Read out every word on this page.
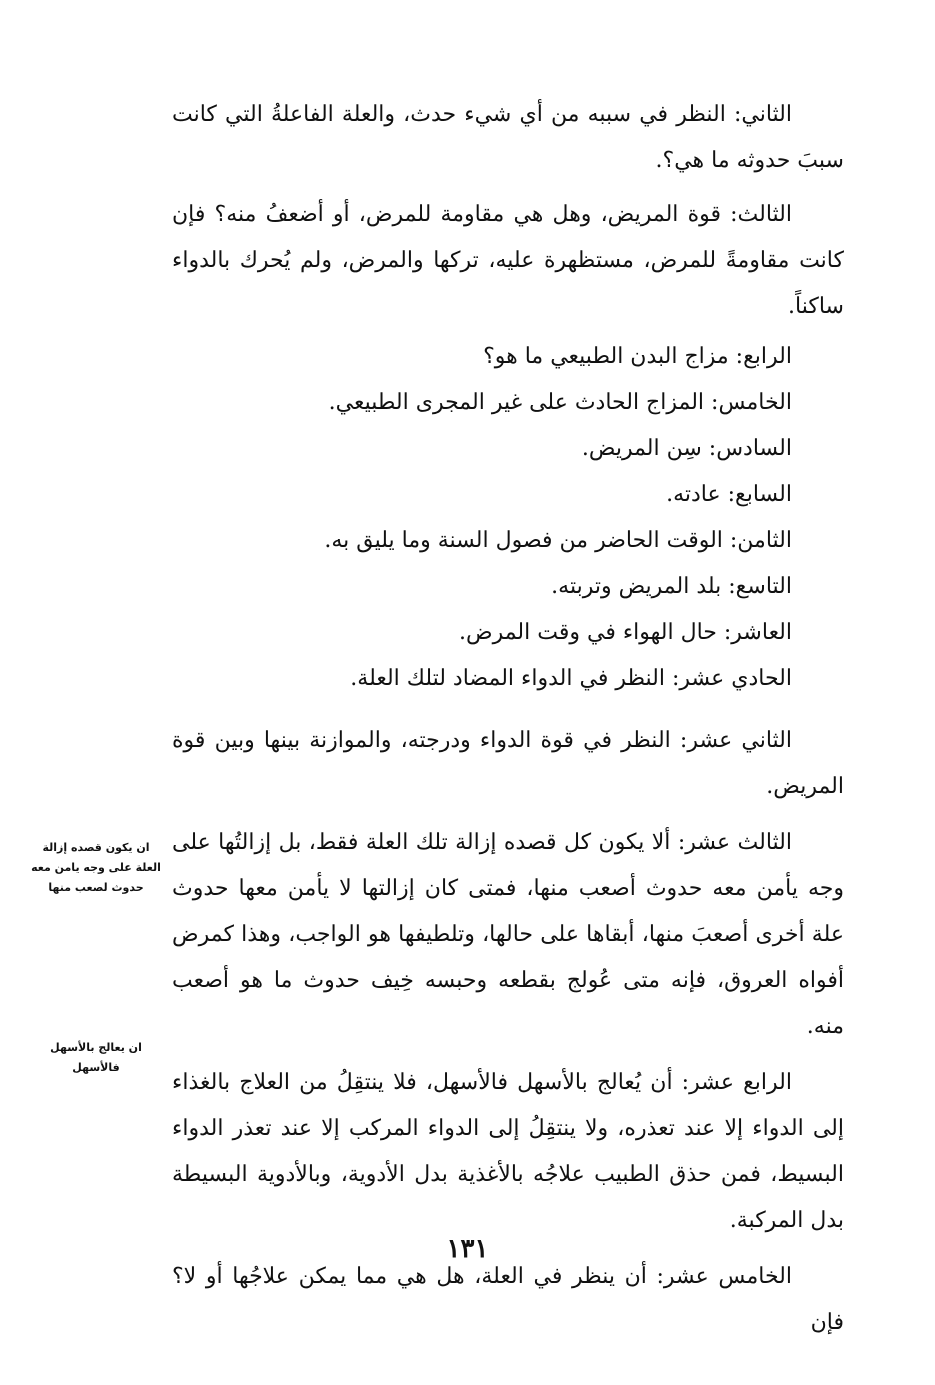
الثاني: النظر في سببه من أي شيء حدث، والعلة الفاعلةُ التي كانت سببَ حدوثه ما هي؟.

الثالث: قوة المريض، وهل هي مقاومة للمرض، أو أضعفُ منه؟ فإن كانت مقاومةً للمرض، مستظهرة عليه، تركها والمرض، ولم يُحرك بالدواء ساكناً.

الرابع: مزاج البدن الطبيعي ما هو؟

الخامس: المزاج الحادث على غير المجرى الطبيعي.

السادس: سِن المريض.

السابع: عادته.

الثامن: الوقت الحاضر من فصول السنة وما يليق به.

التاسع: بلد المريض وتربته.

العاشر: حال الهواء في وقت المرض.

الحادي عشر: النظر في الدواء المضاد لتلك العلة.

الثاني عشر: النظر في قوة الدواء ودرجته، والموازنة بينها وبين قوة المريض.

الثالث عشر: ألا يكون كل قصده إزالة تلك العلة فقط، بل إزالتُها على وجه يأمن معه حدوث أصعب منها، فمتى كان إزالتها لا يأمن معها حدوث علة أخرى أصعبَ منها، أبقاها على حالها، وتلطيفها هو الواجب، وهذا كمرض أفواه العروق، فإنه متى عُولج بقطعه وحبسه خِيف حدوث ما هو أصعب منه.

الرابع عشر: أن يُعالج بالأسهل فالأسهل، فلا ينتقِلُ من العلاج بالغذاء إلى الدواء إلا عند تعذره، ولا ينتقِلُ إلى الدواء المركب إلا عند تعذر الدواء البسيط، فمن حذق الطبيب علاجُه بالأغذية بدل الأدوية، وبالأدوية البسيطة بدل المركبة.

الخامس عشر: أن ينظر في العلة، هل هي مما يمكن علاجُها أو لا؟ فإن

ان يكون قصده إزالة العلة على وجه يامن معه حدوث لصعب منها
ان يعالج بالأسهل فالأسهل
١٣١
